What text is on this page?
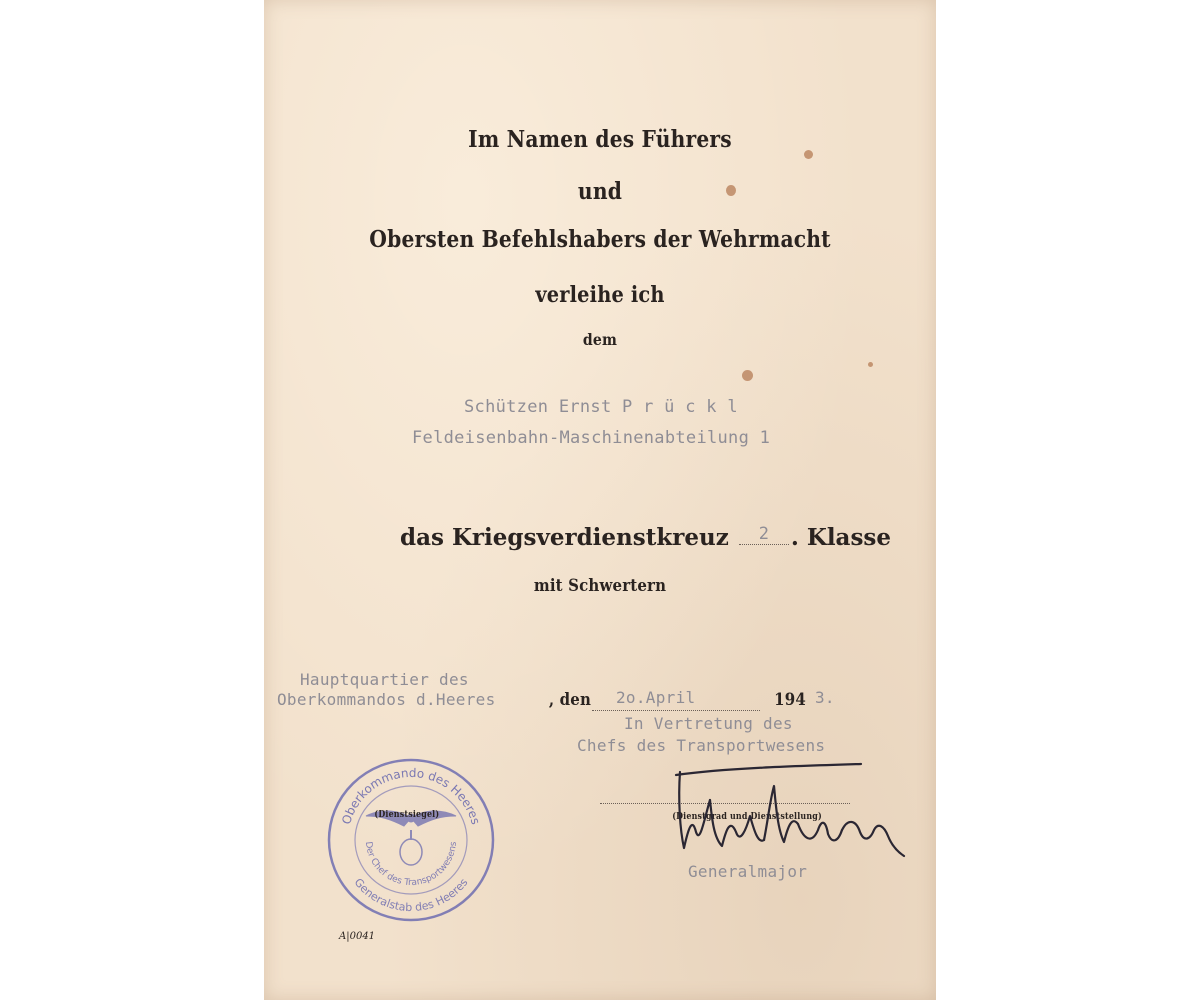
Im Namen des Führers
und
Obersten Befehlshabers der Wehrmacht
verleihe ich
dem
Schützen Ernst P r ü c k l
Feldeisenbahn-Maschinenabteilung 1
das Kriegsverdienstkreuz 2 . Klasse
mit Schwertern
Hauptquartier des
Oberkommandos d.Heeres	, den 2o.April	194 3.
In Vertretung des
Chefs des Transportwesens
Oberkommando des Heeres
Der Chef des Transportwesens
Generalstab des Heeres
(Dienstsiegel)	(Dienstgrad und Dienststellung)
Generalmajor
A|0041
